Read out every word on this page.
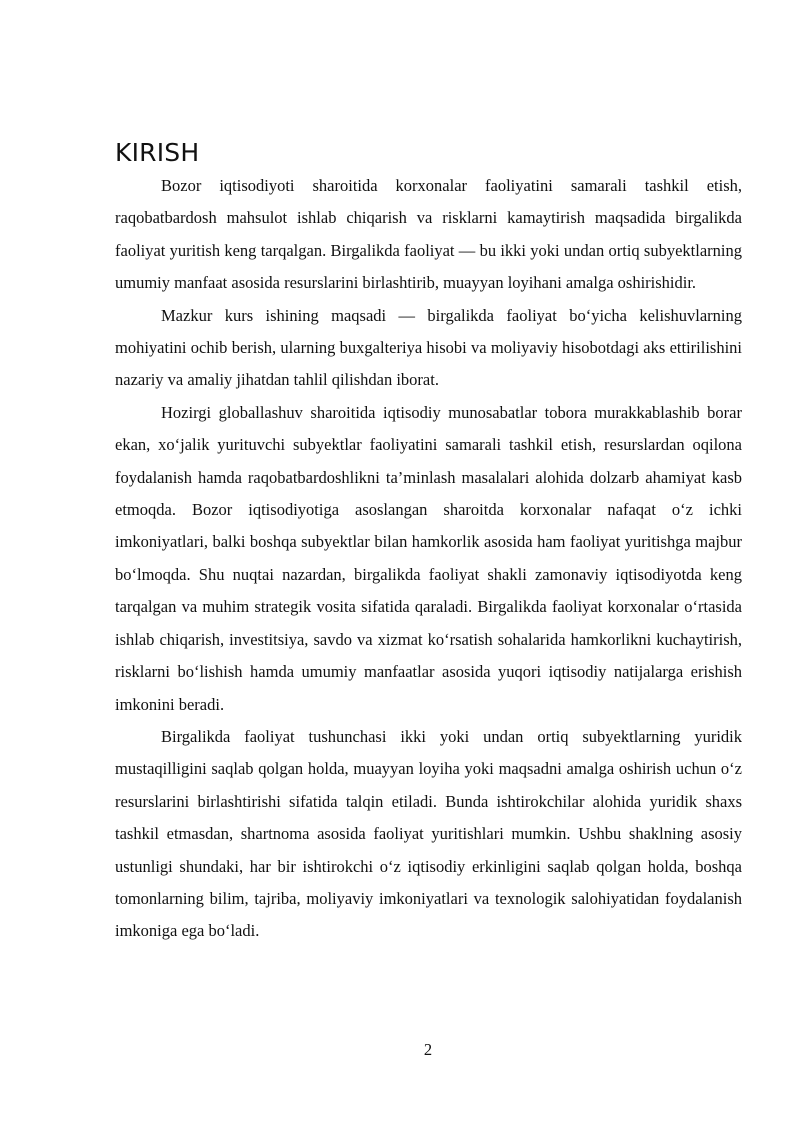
KIRISH

Bozor iqtisodiyoti sharoitida korxonalar faoliyatini samarali tashkil etish, raqobatbardosh mahsulot ishlab chiqarish va risklarni kamaytirish maqsadida birgalikda faoliyat yuritish keng tarqalgan. Birgalikda faoliyat — bu ikki yoki undan ortiq subyektlarning umumiy manfaat asosida resurslarini birlashtirib, muayyan loyihani amalga oshirishidir.

Mazkur kurs ishining maqsadi — birgalikda faoliyat bo‘yicha kelishuvlarning mohiyatini ochib berish, ularning buxgalteriya hisobi va moliyaviy hisobotdagi aks ettirilishini nazariy va amaliy jihatdan tahlil qilishdan iborat.

Hozirgi globallashuv sharoitida iqtisodiy munosabatlar tobora murakkablashib borar ekan, xo‘jalik yurituvchi subyektlar faoliyatini samarali tashkil etish, resurslardan oqilona foydalanish hamda raqobatbardoshlikni ta’minlash masalalari alohida dolzarb ahamiyat kasb etmoqda. Bozor iqtisodiyotiga asoslangan sharoitda korxonalar nafaqat o‘z ichki imkoniyatlari, balki boshqa subyektlar bilan hamkorlik asosida ham faoliyat yuritishga majbur bo‘lmoqda. Shu nuqtai nazardan, birgalikda faoliyat shakli zamonaviy iqtisodiyotda keng tarqalgan va muhim strategik vosita sifatida qaraladi. Birgalikda faoliyat korxonalar o‘rtasida ishlab chiqarish, investitsiya, savdo va xizmat ko‘rsatish sohalarida hamkorlikni kuchaytirish, risklarni bo‘lishish hamda umumiy manfaatlar asosida yuqori iqtisodiy natijalarga erishish imkonini beradi.

Birgalikda faoliyat tushunchasi ikki yoki undan ortiq subyektlarning yuridik mustaqilligini saqlab qolgan holda, muayyan loyiha yoki maqsadni amalga oshirish uchun o‘z resurslarini birlashtirishi sifatida talqin etiladi. Bunda ishtirokchilar alohida yuridik shaxs tashkil etmasdan, shartnoma asosida faoliyat yuritishlari mumkin. Ushbu shaklning asosiy ustunligi shundaki, har bir ishtirokchi o‘z iqtisodiy erkinligini saqlab qolgan holda, boshqa tomonlarning bilim, tajriba, moliyaviy imkoniyatlari va texnologik salohiyatidan foydalanish imkoniga ega bo‘ladi.

2
